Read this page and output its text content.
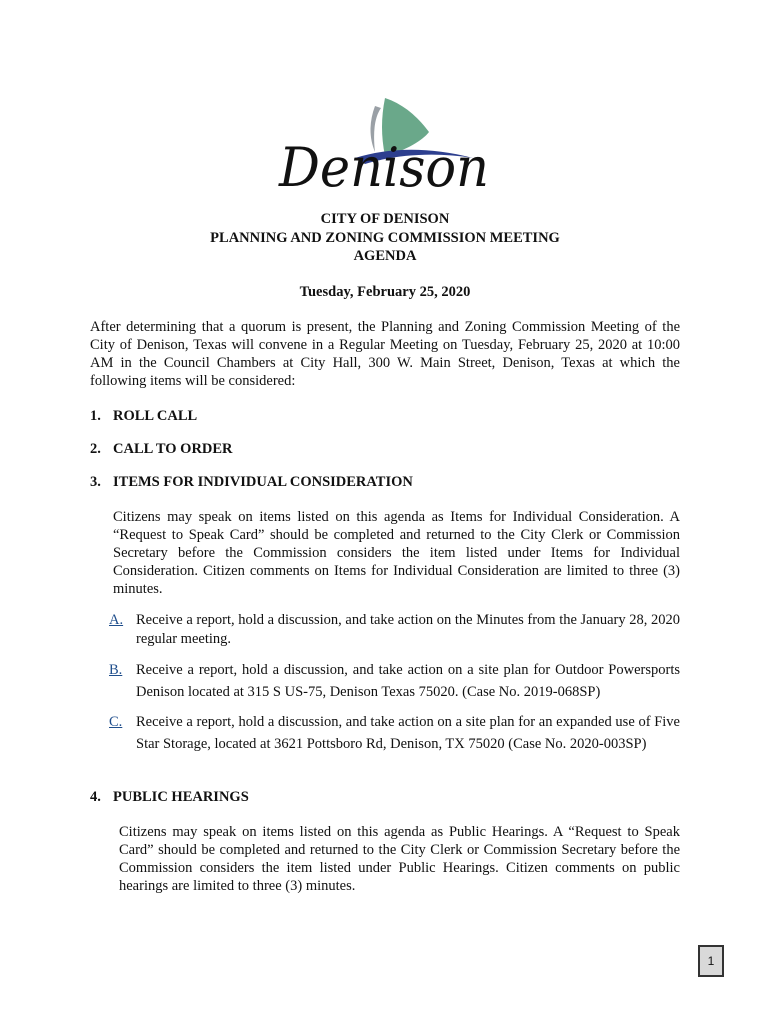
Denison
CITY OF DENISON
PLANNING AND ZONING COMMISSION MEETING
AGENDA
Tuesday, February 25, 2020
After determining that a quorum is present, the Planning and Zoning Commission Meeting of the City of Denison, Texas will convene in a Regular Meeting on Tuesday, February 25, 2020 at 10:00 AM in the Council Chambers at City Hall, 300 W. Main Street, Denison, Texas at which the following items will be considered:
1. ROLL CALL
2. CALL TO ORDER
3. ITEMS FOR INDIVIDUAL CONSIDERATION
Citizens may speak on items listed on this agenda as Items for Individual Consideration. A “Request to Speak Card” should be completed and returned to the City Clerk or Commission Secretary before the Commission considers the item listed under Items for Individual Consideration. Citizen comments on Items for Individual Consideration are limited to three (3) minutes.
A. Receive a report, hold a discussion, and take action on the Minutes from the January 28, 2020 regular meeting.
B. Receive a report, hold a discussion, and take action on a site plan for Outdoor Powersports Denison located at 315 S US-75, Denison Texas 75020. (Case No. 2019-068SP)
C. Receive a report, hold a discussion, and take action on a site plan for an expanded use of Five Star Storage, located at 3621 Pottsboro Rd, Denison, TX 75020 (Case No. 2020-003SP)
4. PUBLIC HEARINGS
Citizens may speak on items listed on this agenda as Public Hearings. A “Request to Speak Card” should be completed and returned to the City Clerk or Commission Secretary before the Commission considers the item listed under Public Hearings. Citizen comments on public hearings are limited to three (3) minutes.
1
